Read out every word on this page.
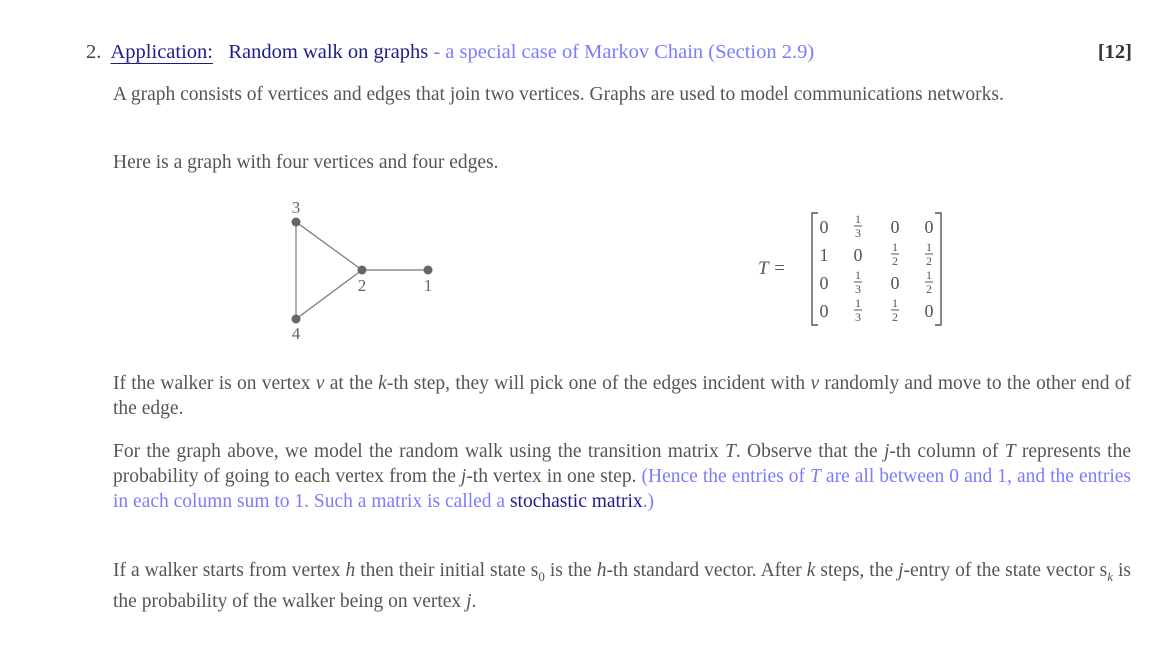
2. Application: Random walk on graphs - a special case of Markov Chain (Section 2.9)	[12]
A graph consists of vertices and edges that join two vertices. Graphs are used to model communications networks.
Here is a graph with four vertices and four edges.
3
2	1
4
T =
0 1
3 0 0
1 0 1
2
1
2
0 1
3 0 1
2
0 1
3
1
2 0
If the walker is on vertex v at the k-th step, they will pick one of the edges incident with v randomly and move to the other end of the edge.
For the graph above, we model the random walk using the transition matrix T. Observe that the j-th column of T represents the probability of going to each vertex from the j-th vertex in one step. (Hence the entries of T are all between 0 and 1, and the entries in each column sum to 1. Such a matrix is called a stochastic matrix.)
If a walker starts from vertex h then their initial state $s_0$ is the h-th standard vector. After k steps, the j-entry of the state vector $s_k$ is the probability of the walker being on vertex j.
